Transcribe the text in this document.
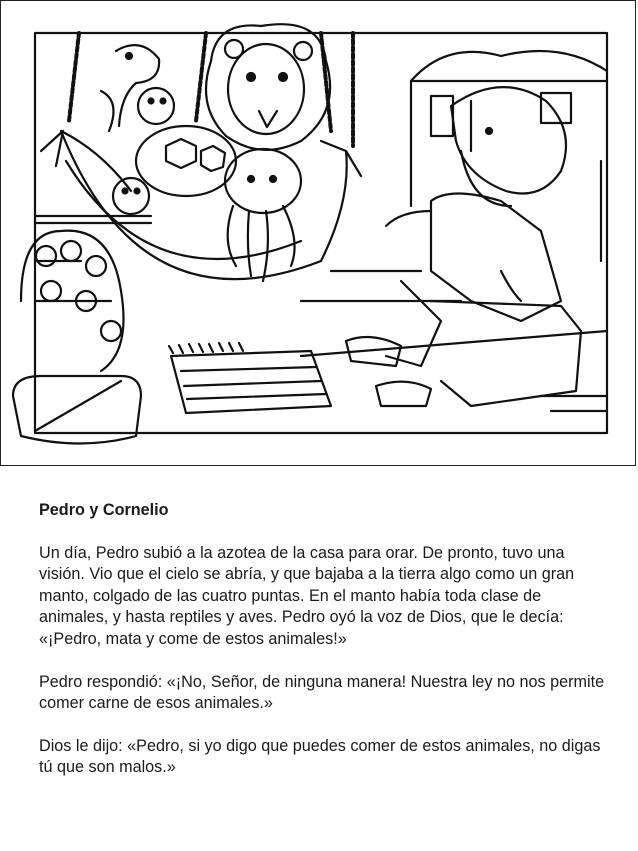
Pedro y Cornelio

Un día, Pedro subió a la azotea de la casa para orar. De pronto, tuvo una visión. Vio que el cielo se abría, y que bajaba a la tierra algo como un gran manto, colgado de las cuatro puntas. En el manto había toda clase de animales, y hasta reptiles y aves. Pedro oyó la voz de Dios, que le decía: «¡Pedro, mata y come de estos animales!»

Pedro respondió: «¡No, Señor, de ninguna manera! Nuestra ley no nos permite comer carne de esos animales.»

Dios le dijo: «Pedro, si yo digo que puedes comer de estos animales, no digas tú que son malos.»
